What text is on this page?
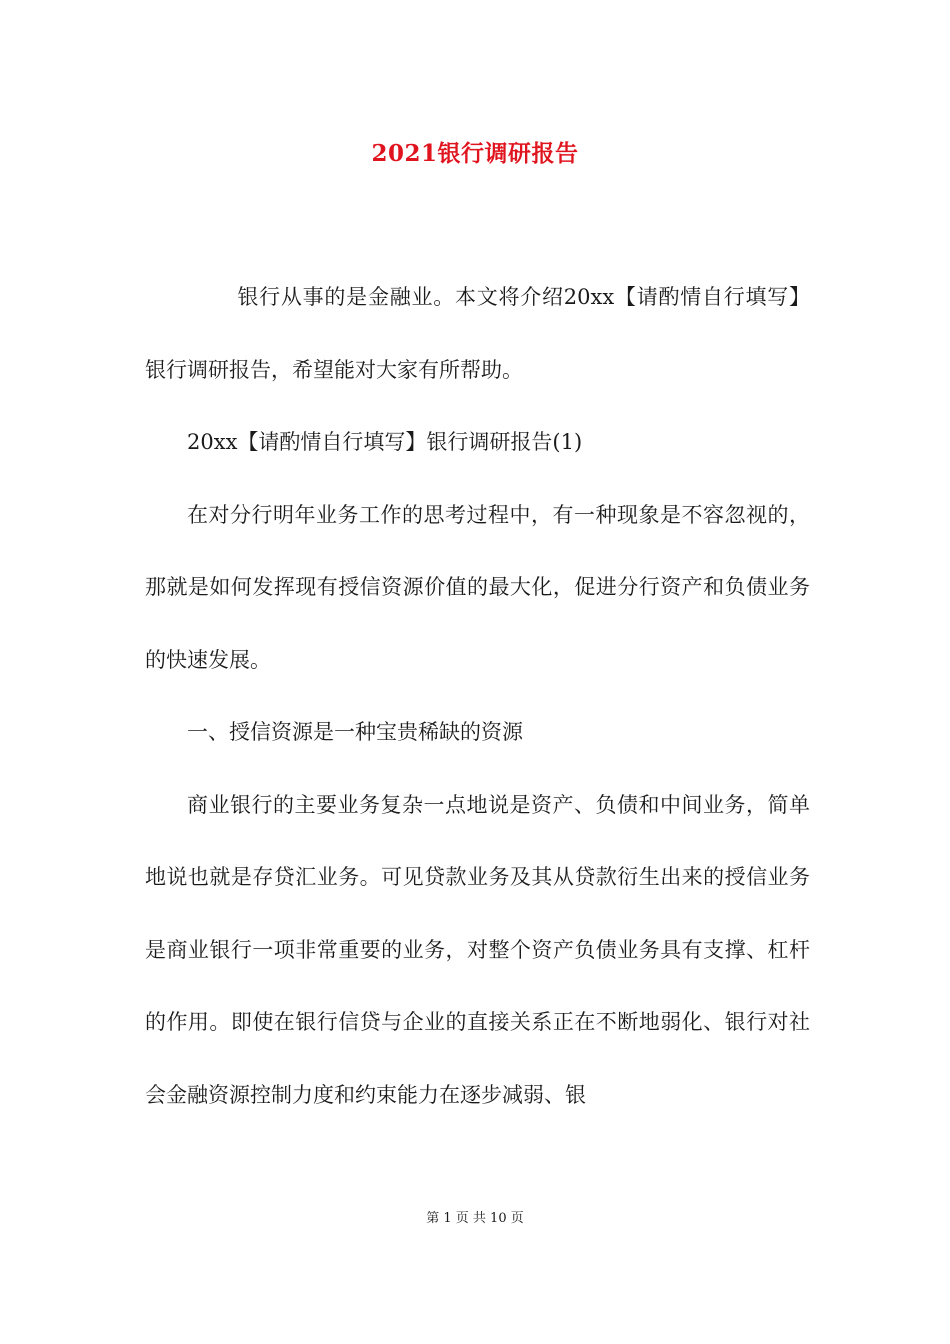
2021银行调研报告

银行从事的是金融业。本文将介绍20xx【请酌情自行填写】银行调研报告，希望能对大家有所帮助。

20xx【请酌情自行填写】银行调研报告(1)

在对分行明年业务工作的思考过程中，有一种现象是不容忽视的，那就是如何发挥现有授信资源价值的最大化，促进分行资产和负债业务的快速发展。

一、授信资源是一种宝贵稀缺的资源

商业银行的主要业务复杂一点地说是资产、负债和中间业务，简单地说也就是存贷汇业务。可见贷款业务及其从贷款衍生出来的授信业务是商业银行一项非常重要的业务，对整个资产负债业务具有支撑、杠杆的作用。即使在银行信贷与企业的直接关系正在不断地弱化、银行对社会金融资源控制力度和约束能力在逐步减弱、银

第 1 页 共 10 页
